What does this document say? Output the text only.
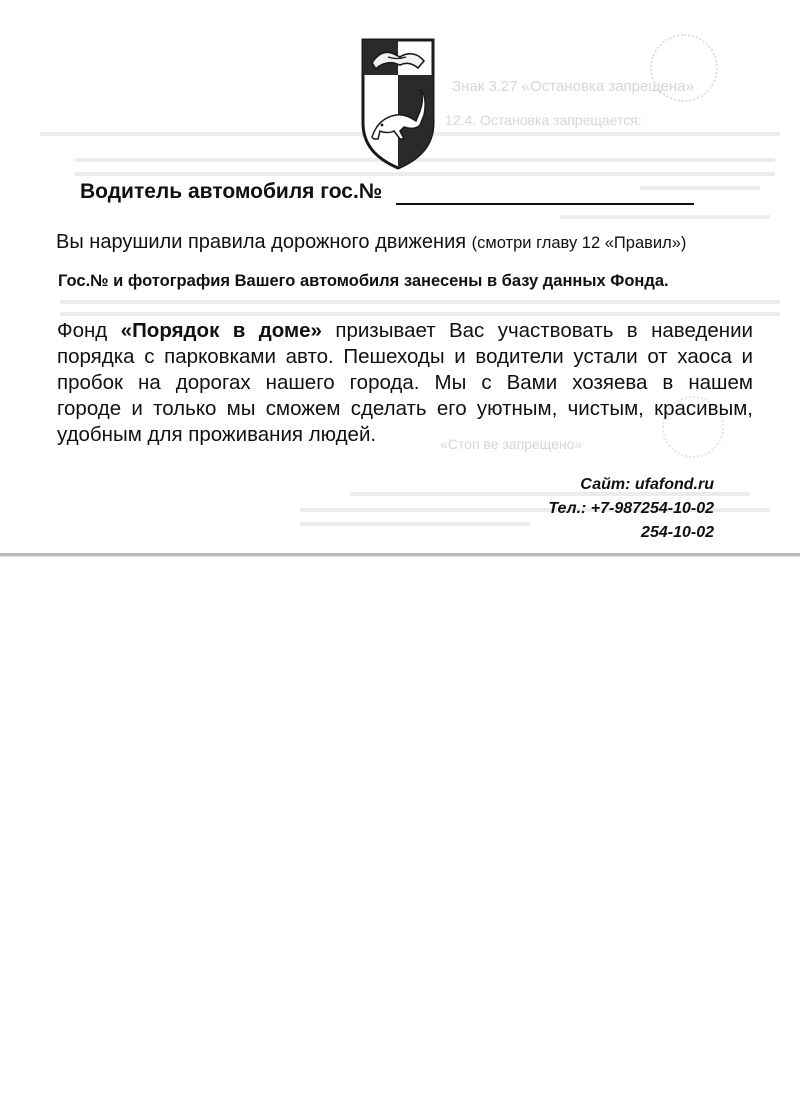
Знак 3.27 «Остановка запрещена»
12.4. Остановка запрещается:
«Стоп ве запрещено»
Водитель автомобиля гос.№
Вы нарушили правила дорожного движения (смотри главу 12 «Правил»)
Гос.№ и фотография Вашего автомобиля занесены в базу данных Фонда.
Фонд «Порядок в доме» призывает Вас участвовать в наведении
порядка с парковками авто. Пешеходы и водители устали от хаоса и
пробок на дорогах нашего города. Мы с Вами хозяева в нашем
городе и только мы сможем сделать его уютным, чистым, красивым,
удобным для проживания людей.
Сайт: ufafond.ru
Тел.: +7-987254-10-02
254-10-02
